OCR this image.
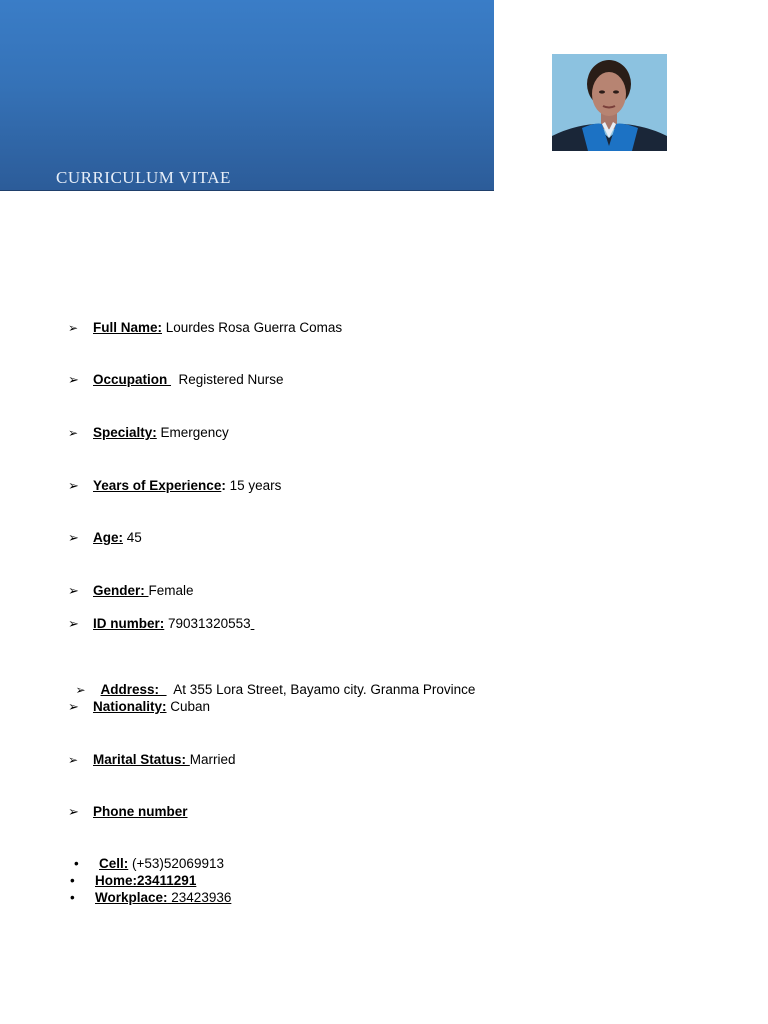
CURRICULUM VITAE
➢ Full Name: Lourdes Rosa Guerra Comas
➢ Occupation   Registered Nurse
➢ Specialty: Emergency
➢ Years of Experience: 15 years
➢ Age: 45
➢ Gender: Female
➢ ID number: 79031320553

➢ Address:    At 355 Lora Street, Bayamo city. Granma Province

➢ Nationality: Cuban
➢ Marital Status: Married
➢ Phone number
• Cell: (+53)52069913
• Home:23411291
• Workplace: 23423936
